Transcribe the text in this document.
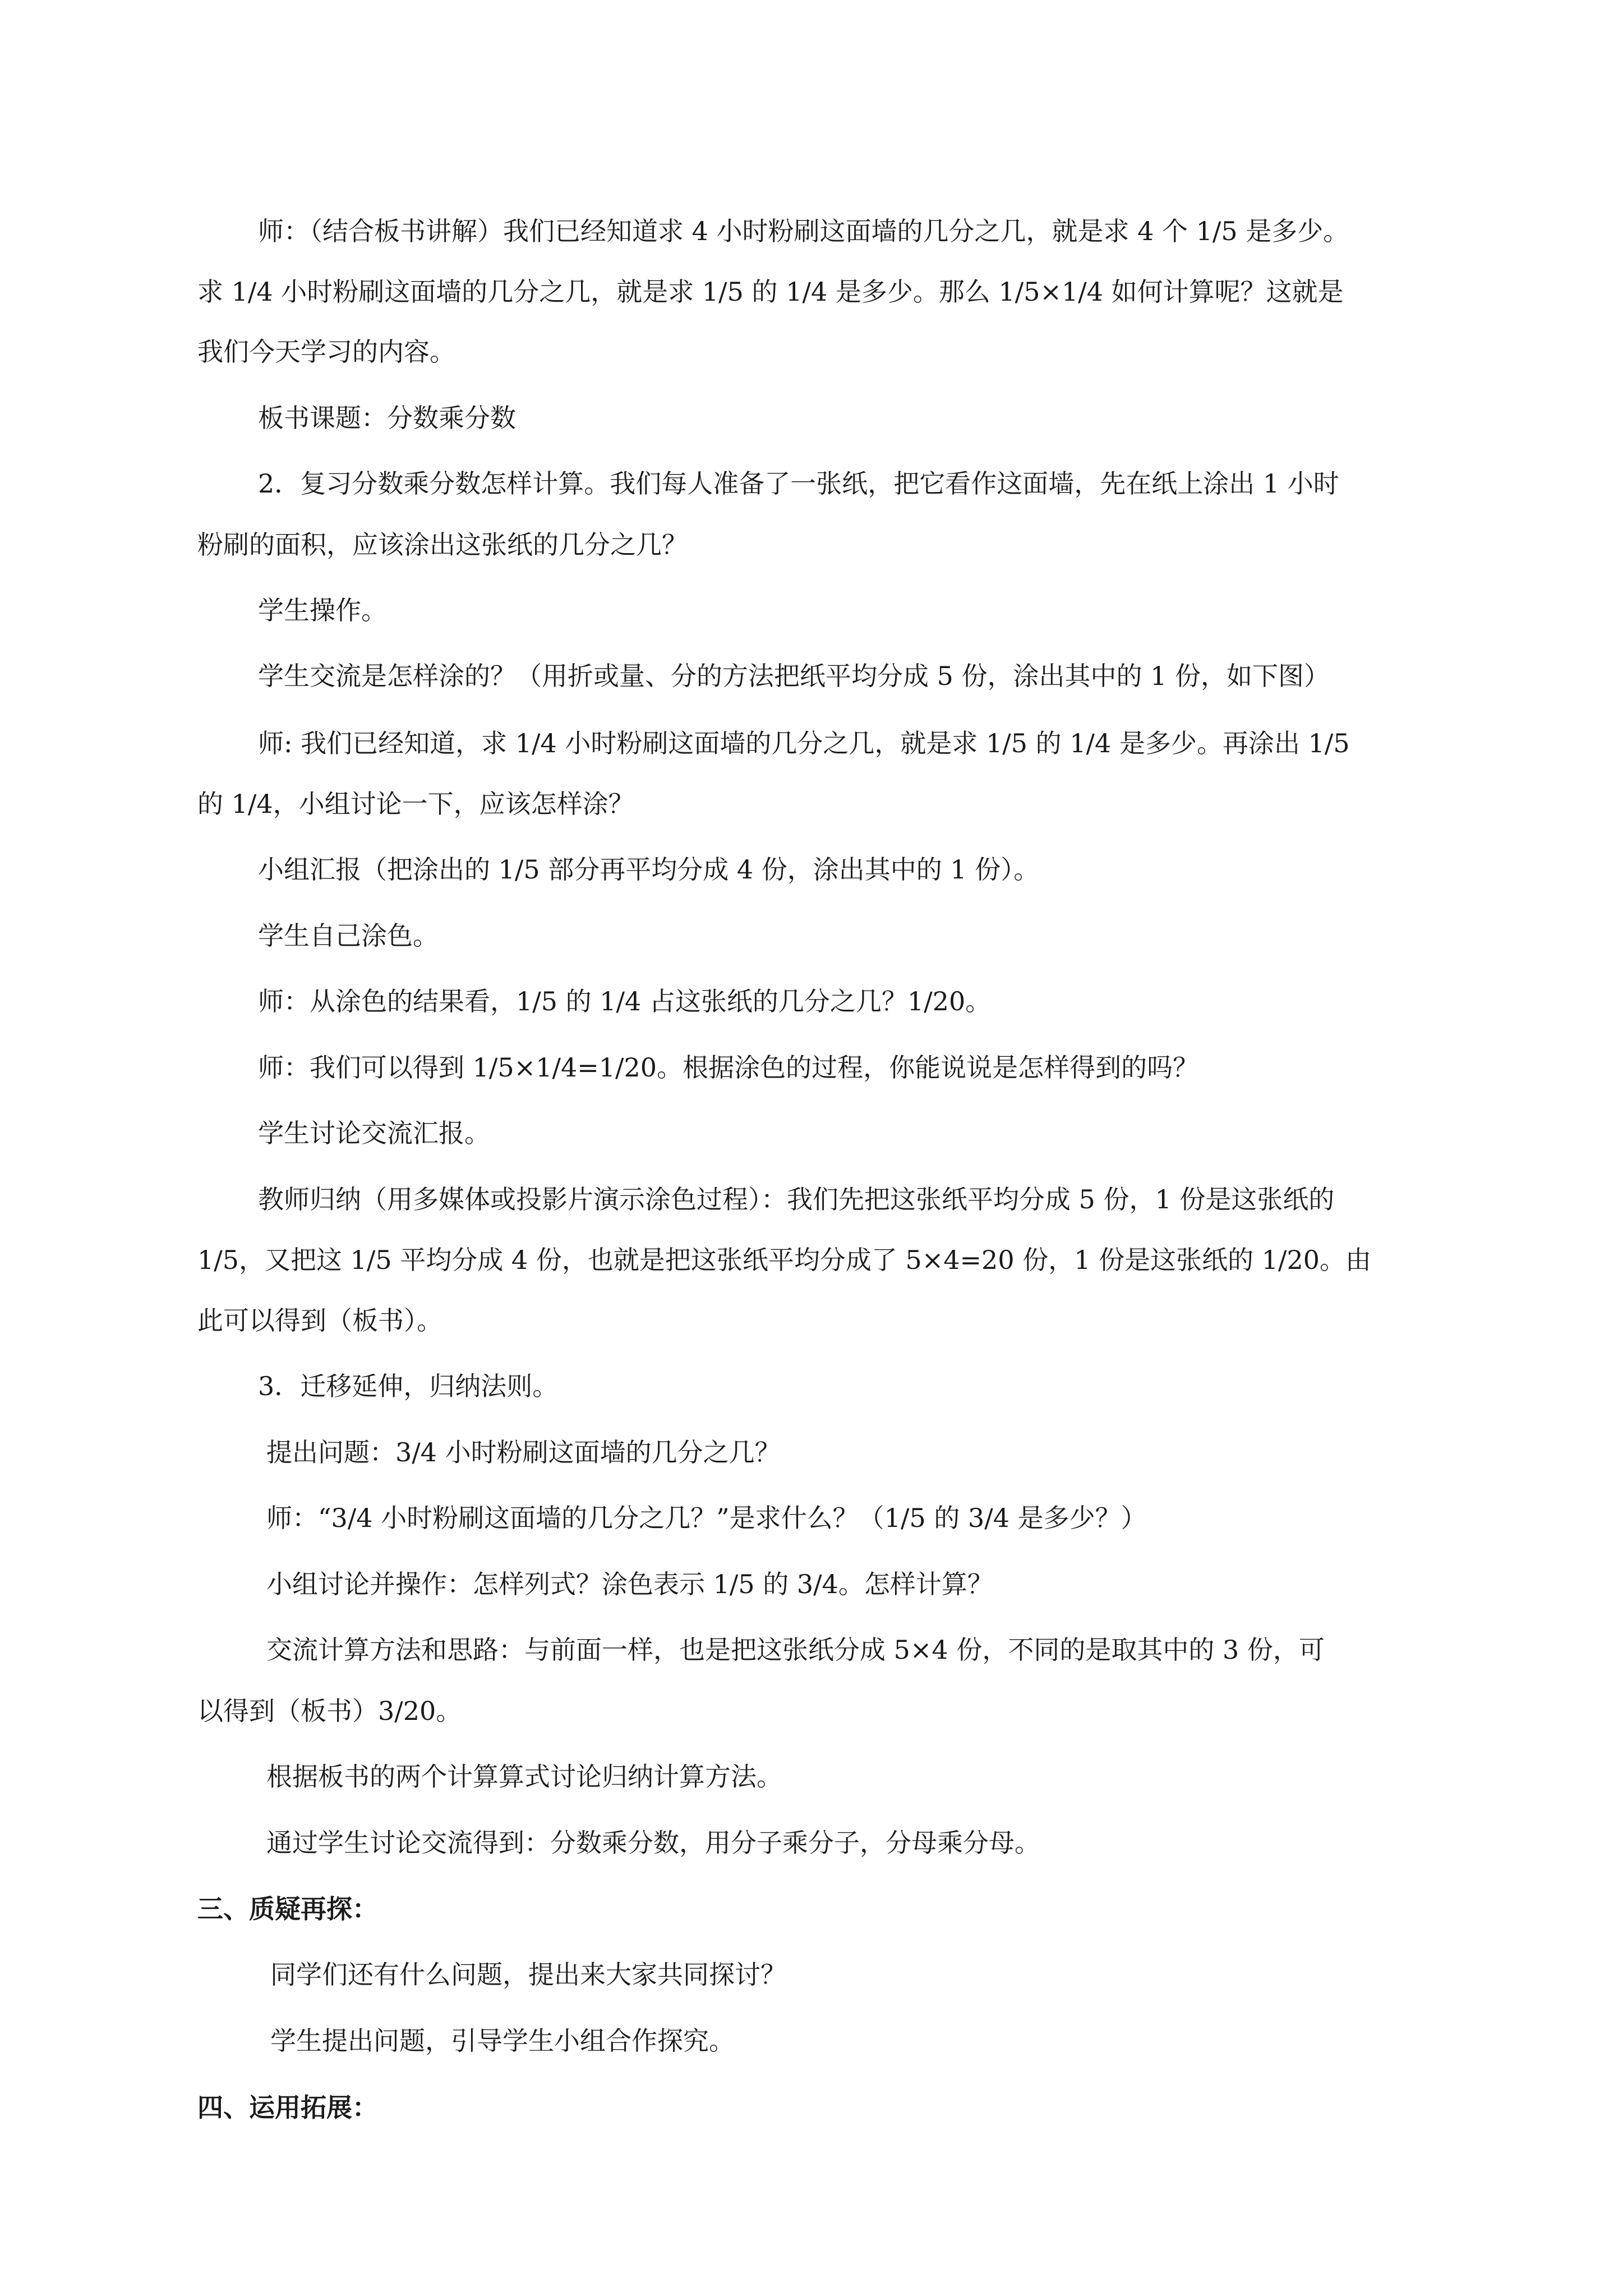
师：（结合板书讲解）我们已经知道求 4 小时粉刷这面墙的几分之几，就是求 4 个 1/5 是多少。
求 1/4 小时粉刷这面墙的几分之几，就是求 1/5 的 1/4 是多少。那么 1/5×1/4 如何计算呢？这就是
我们今天学习的内容。
板书课题：分数乘分数
2．复习分数乘分数怎样计算。我们每人准备了一张纸，把它看作这面墙，先在纸上涂出 1 小时
粉刷的面积，应该涂出这张纸的几分之几？
学生操作。
学生交流是怎样涂的？（用折或量、分的方法把纸平均分成 5 份，涂出其中的 1 份，如下图）
师: 我们已经知道，求 1/4 小时粉刷这面墙的几分之几，就是求 1/5 的 1/4 是多少。再涂出 1/5
的 1/4，小组讨论一下，应该怎样涂？
小组汇报（把涂出的 1/5 部分再平均分成 4 份，涂出其中的 1 份）。
学生自己涂色。
师：从涂色的结果看，1/5 的 1/4 占这张纸的几分之几？1/20。
师：我们可以得到 1/5×1/4=1/20。根据涂色的过程，你能说说是怎样得到的吗？
学生讨论交流汇报。
教师归纳（用多媒体或投影片演示涂色过程）：我们先把这张纸平均分成 5 份，1 份是这张纸的
1/5，又把这 1/5 平均分成 4 份，也就是把这张纸平均分成了 5×4=20 份，1 份是这张纸的 1/20。由
此可以得到（板书）。
3．迁移延伸，归纳法则。
提出问题：3/4 小时粉刷这面墙的几分之几？
师：“3/4 小时粉刷这面墙的几分之几？”是求什么？（1/5 的 3/4 是多少？）
小组讨论并操作：怎样列式？涂色表示 1/5 的 3/4。怎样计算？
交流计算方法和思路：与前面一样，也是把这张纸分成 5×4 份，不同的是取其中的 3 份，可
以得到（板书）3/20。
根据板书的两个计算算式讨论归纳计算方法。
通过学生讨论交流得到：分数乘分数，用分子乘分子，分母乘分母。
三、质疑再探：
同学们还有什么问题，提出来大家共同探讨？
学生提出问题，引导学生小组合作探究。
四、运用拓展：
